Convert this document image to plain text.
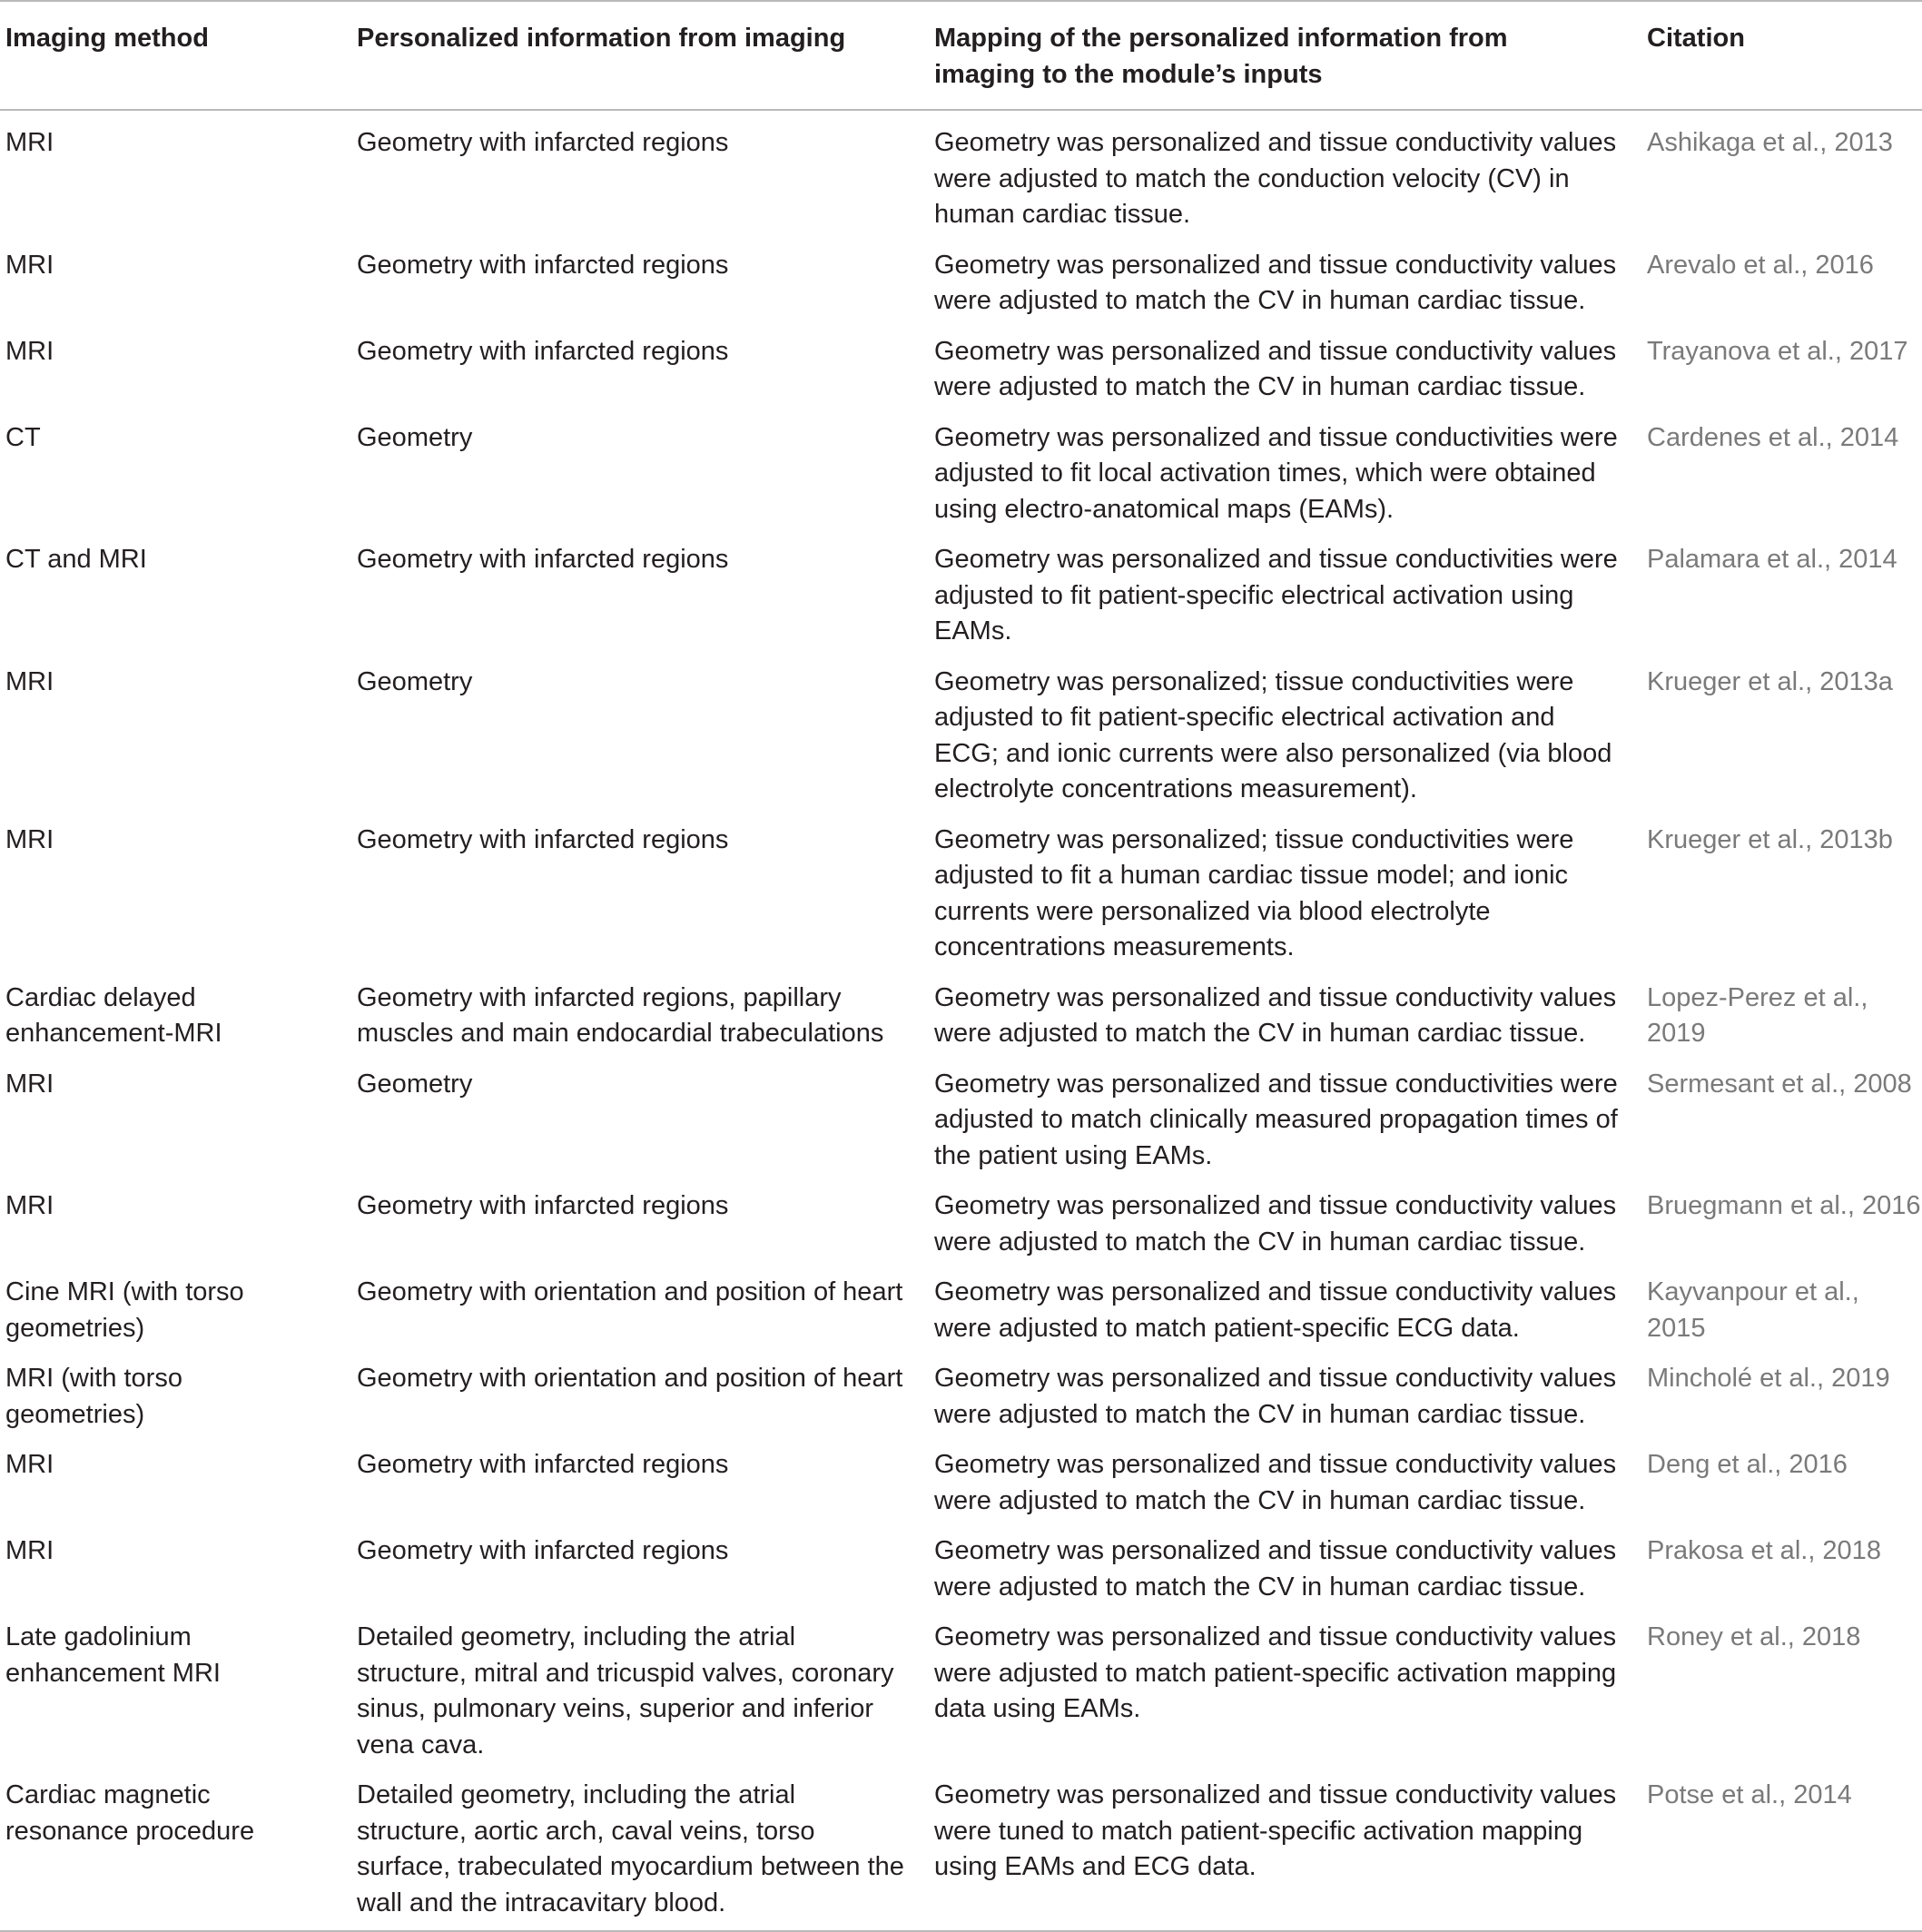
Imaging method	Personalized information from imaging	Mapping of the personalized information from imaging to the module’s inputs	Citation
MRI	Geometry with infarcted regions	Geometry was personalized and tissue conductivity values were adjusted to match the conduction velocity (CV) in human cardiac tissue.	Ashikaga et al., 2013
MRI	Geometry with infarcted regions	Geometry was personalized and tissue conductivity values were adjusted to match the CV in human cardiac tissue.	Arevalo et al., 2016
MRI	Geometry with infarcted regions	Geometry was personalized and tissue conductivity values were adjusted to match the CV in human cardiac tissue.	Trayanova et al., 2017
CT	Geometry	Geometry was personalized and tissue conductivities were adjusted to fit local activation times, which were obtained using electro-anatomical maps (EAMs).	Cardenes et al., 2014
CT and MRI	Geometry with infarcted regions	Geometry was personalized and tissue conductivities were adjusted to fit patient-specific electrical activation using EAMs.	Palamara et al., 2014
MRI	Geometry	Geometry was personalized; tissue conductivities were adjusted to fit patient-specific electrical activation and ECG; and ionic currents were also personalized (via blood electrolyte concentrations measurement).	Krueger et al., 2013a
MRI	Geometry with infarcted regions	Geometry was personalized; tissue conductivities were adjusted to fit a human cardiac tissue model; and ionic currents were personalized via blood electrolyte concentrations measurements.	Krueger et al., 2013b
Cardiac delayed enhancement-MRI	Geometry with infarcted regions, papillary muscles and main endocardial trabeculations	Geometry was personalized and tissue conductivity values were adjusted to match the CV in human cardiac tissue.	Lopez-Perez et al., 2019
MRI	Geometry	Geometry was personalized and tissue conductivities were adjusted to match clinically measured propagation times of the patient using EAMs.	Sermesant et al., 2008
MRI	Geometry with infarcted regions	Geometry was personalized and tissue conductivity values were adjusted to match the CV in human cardiac tissue.	Bruegmann et al., 2016
Cine MRI (with torso geometries)	Geometry with orientation and position of heart	Geometry was personalized and tissue conductivity values were adjusted to match patient-specific ECG data.	Kayvanpour et al., 2015
MRI (with torso geometries)	Geometry with orientation and position of heart	Geometry was personalized and tissue conductivity values were adjusted to match the CV in human cardiac tissue.	Mincholé et al., 2019
MRI	Geometry with infarcted regions	Geometry was personalized and tissue conductivity values were adjusted to match the CV in human cardiac tissue.	Deng et al., 2016
MRI	Geometry with infarcted regions	Geometry was personalized and tissue conductivity values were adjusted to match the CV in human cardiac tissue.	Prakosa et al., 2018
Late gadolinium enhancement MRI	Detailed geometry, including the atrial structure, mitral and tricuspid valves, coronary sinus, pulmonary veins, superior and inferior vena cava.	Geometry was personalized and tissue conductivity values were adjusted to match patient-specific activation mapping data using EAMs.	Roney et al., 2018
Cardiac magnetic resonance procedure	Detailed geometry, including the atrial structure, aortic arch, caval veins, torso surface, trabeculated myocardium between the wall and the intracavitary blood.	Geometry was personalized and tissue conductivity values were tuned to match patient-specific activation mapping using EAMs and ECG data.	Potse et al., 2014
